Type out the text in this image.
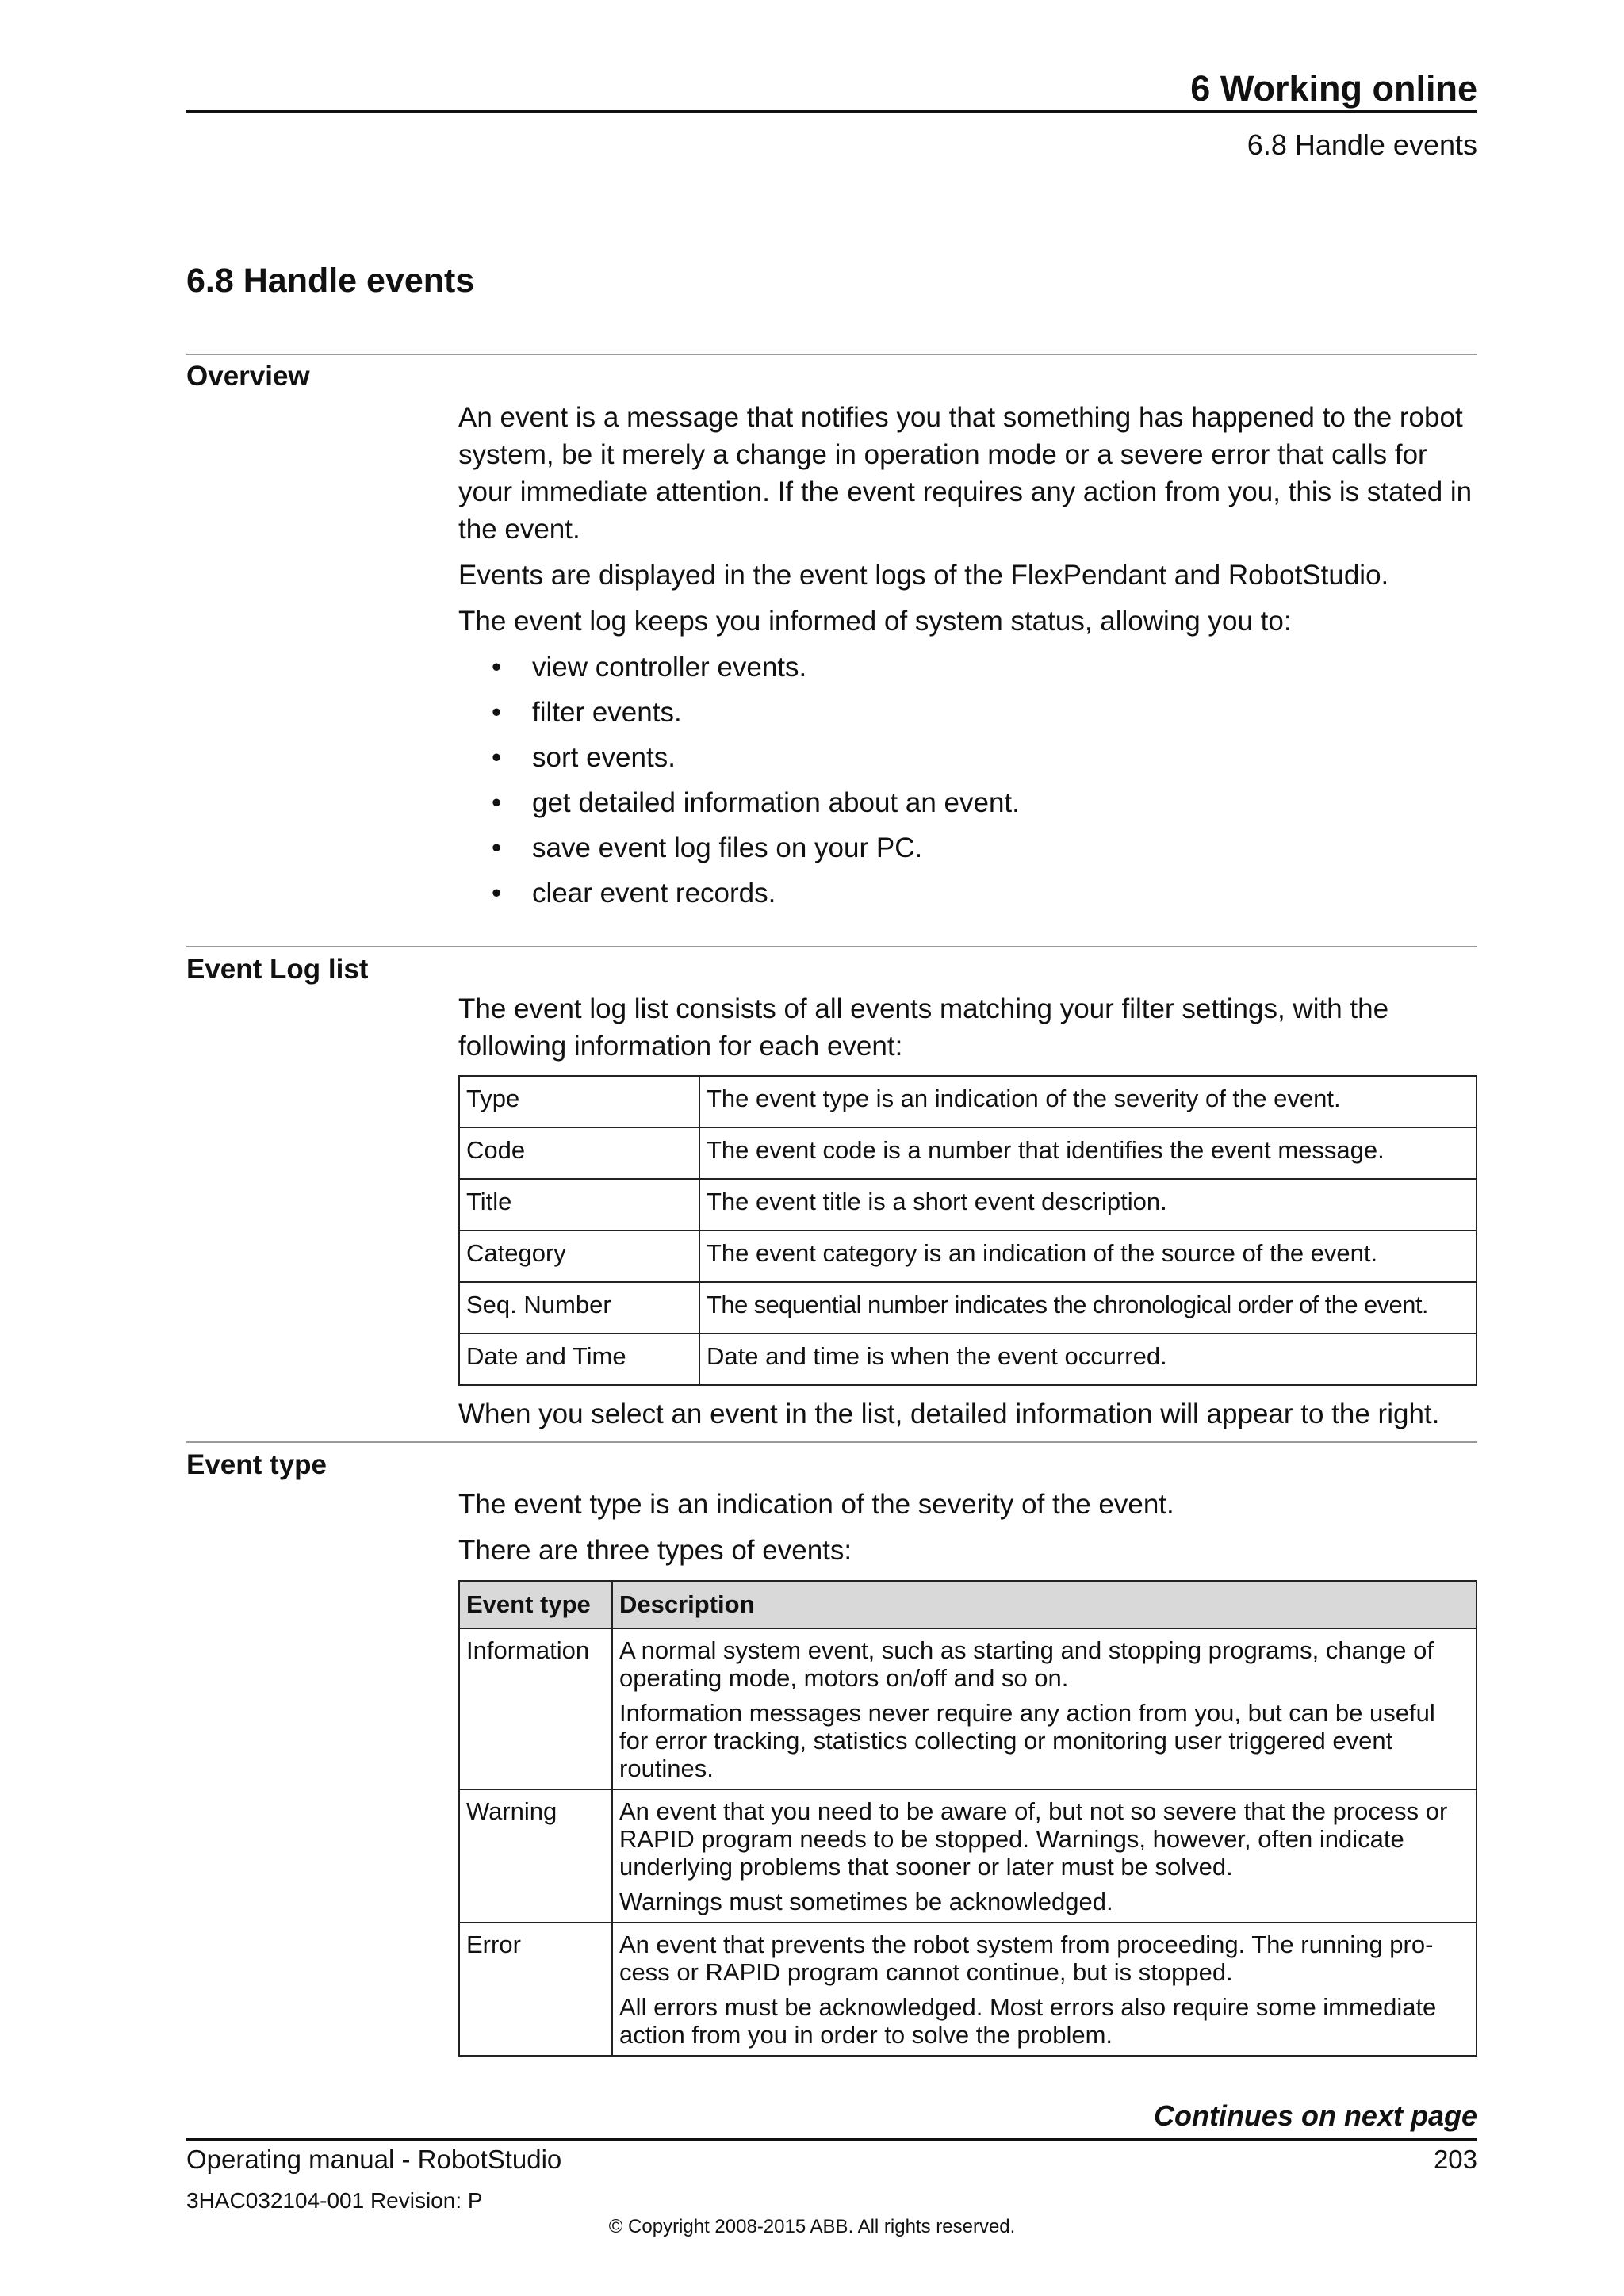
6 Working online
6.8 Handle events
6.8 Handle events
Overview

An event is a message that notifies you that something has happened to the robot system, be it merely a change in operation mode or a severe error that calls for your immediate attention. If the event requires any action from you, this is stated in the event.

Events are displayed in the event logs of the FlexPendant and RobotStudio.

The event log keeps you informed of system status, allowing you to:

• view controller events.
• filter events.
• sort events.
• get detailed information about an event.
• save event log files on your PC.
• clear event records.
Event Log list

The event log list consists of all events matching your filter settings, with the following information for each event:

Type	The event type is an indication of the severity of the event.
Code	The event code is a number that identifies the event message.
Title	The event title is a short event description.
Category	The event category is an indication of the source of the event.
Seq. Number	The sequential number indicates the chronological order of the event.
Date and Time	Date and time is when the event occurred.

When you select an event in the list, detailed information will appear to the right.

Event type

The event type is an indication of the severity of the event.

There are three types of events:

Event type	Description
Information	A normal system event, such as starting and stopping programs, change of operating mode, motors on/off and so on.

Information messages never require any action from you, but can be useful for error tracking, statistics collecting or monitoring user triggered event routines.

Warning	An event that you need to be aware of, but not so severe that the process or RAPID program needs to be stopped. Warnings, however, often indicate underlying problems that sooner or later must be solved.

Warnings must sometimes be acknowledged.

Error	An event that prevents the robot system from proceeding. The running pro-cess or RAPID program cannot continue, but is stopped.

All errors must be acknowledged. Most errors also require some immediate action from you in order to solve the problem.

Continues on next page
Operating manual - RobotStudio	203
3HAC032104-001 Revision: P
© Copyright 2008-2015 ABB. All rights reserved.
